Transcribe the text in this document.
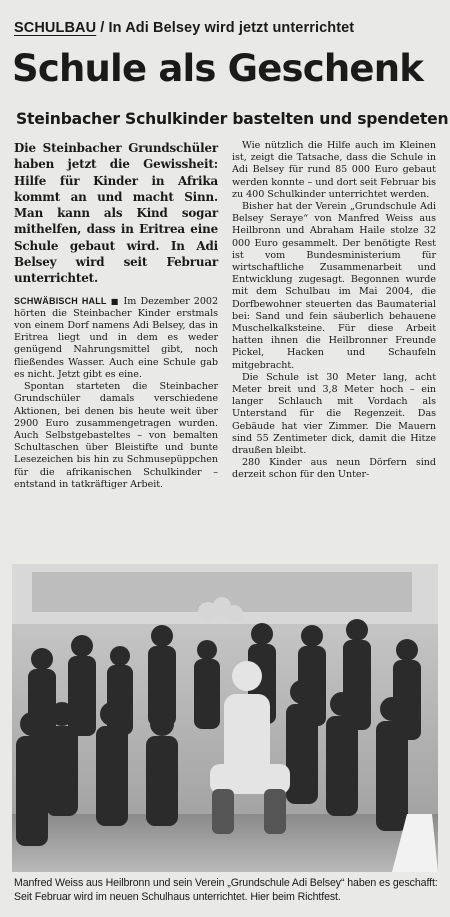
SCHULBAU / In Adi Belsey wird jetzt unterrichtet
Schule als Geschenk
Steinbacher Schulkinder bastelten und spendeten

Die Steinbacher Grundschüler haben jetzt die Gewissheit: Hilfe für Kinder in Afrika kommt an und macht Sinn. Man kann als Kind sogar mithelfen, dass in Eritrea eine Schule gebaut wird. In Adi Belsey wird seit Februar unterrichtet.

SCHWÄBISCH HALL ■ Im Dezember 2002 hörten die Steinbacher Kinder erstmals von einem Dorf namens Adi Belsey, das in Eritrea liegt und in dem es weder genügend Nahrungsmittel gibt, noch fließendes Wasser. Auch eine Schule gab es nicht. Jetzt gibt es eine.

Spontan starteten die Steinbacher Grundschüler damals verschiedene Aktionen, bei denen bis heute weit über 2900 Euro zusammengetragen wurden. Auch Selbstgebasteltes – von bemalten Schultaschen über Bleistifte und bunte Lesezeichen bis hin zu Schmusepüppchen für die afrikanischen Schulkinder – entstand in tatkräftiger Arbeit.

Wie nützlich die Hilfe auch im Kleinen ist, zeigt die Tatsache, dass die Schule in Adi Belsey für rund 85 000 Euro gebaut werden konnte – und dort seit Februar bis zu 400 Schulkinder unterrichtet werden.

Bisher hat der Verein „Grundschule Adi Belsey Seraye“ von Manfred Weiss aus Heilbronn und Abraham Haile stolze 32 000 Euro gesammelt. Der benötigte Rest ist vom Bundesministerium für wirtschaftliche Zusammenarbeit und Entwicklung zugesagt. Begonnen wurde mit dem Schulbau im Mai 2004, die Dorfbewohner steuerten das Baumaterial bei: Sand und fein säuberlich behauene Muschelkalksteine. Für diese Arbeit hatten ihnen die Heilbronner Freunde Pickel, Hacken und Schaufeln mitgebracht.

Die Schule ist 30 Meter lang, acht Meter breit und 3,8 Meter hoch – ein langer Schlauch mit Vordach als Unterstand für die Regenzeit. Das Gebäude hat vier Zimmer. Die Mauern sind 55 Zentimeter dick, damit die Hitze draußen bleibt.

280 Kinder aus neun Dörfern sind derzeit schon für den Unter-

Manfred Weiss aus Heilbronn und sein Verein „Grundschule Adi Belsey“ haben es geschafft: Seit Februar wird im neuen Schulhaus unterrichtet. Hier beim Richtfest.
